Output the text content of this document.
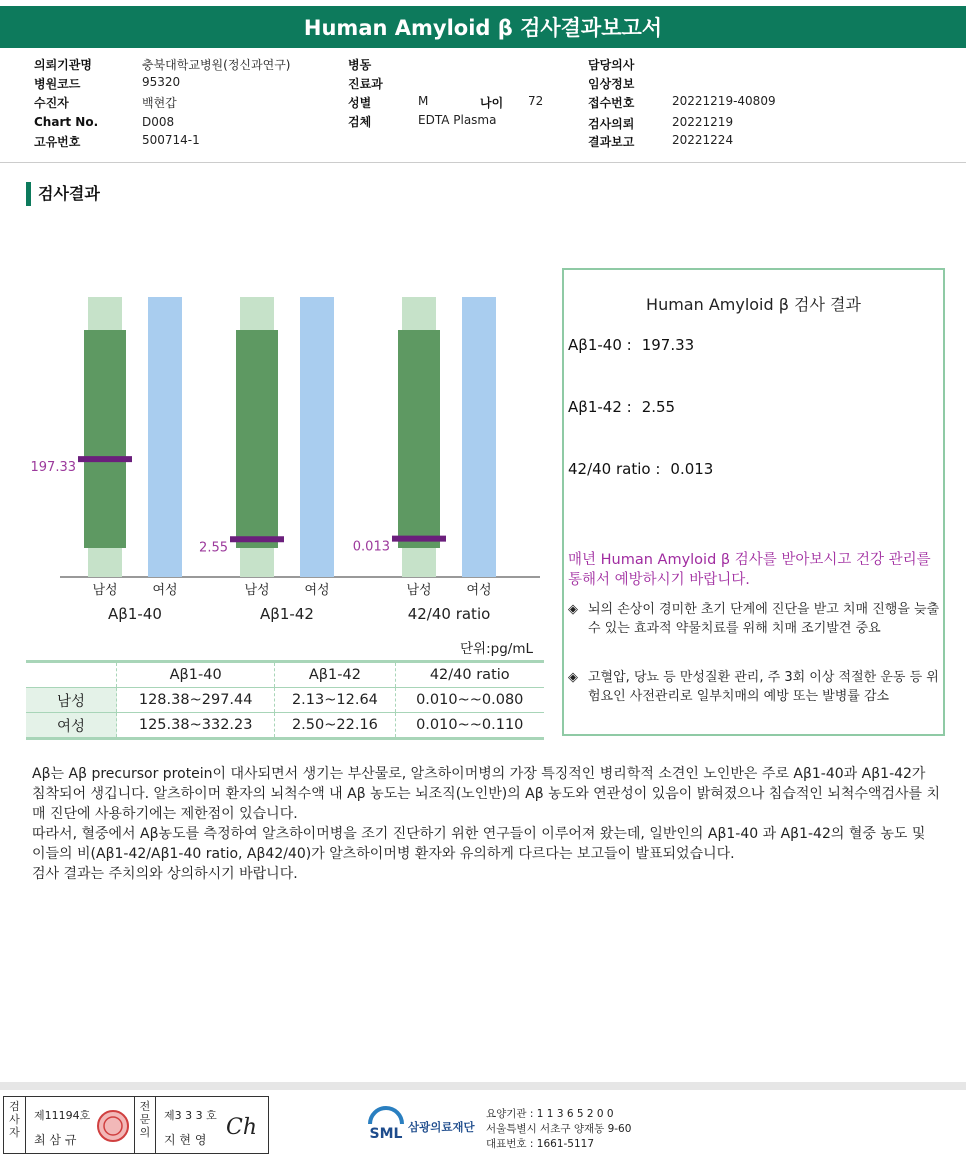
Human Amyloid β 검사결과보고서
의뢰기관명	충북대학교병원(정신과연구)
병원코드	95320
수진자	백현갑
Chart No.	D008
고유번호	500714-1
병동
진료과
성별	M	나이 72
검체	EDTA Plasma
담당의사
임상정보
접수번호	20221219-40809
검사의뢰	20221219
결과보고	20221224
검사결과
197.33
남성	여성
Aβ1-40
2.55
남성	여성
Aβ1-42
0.013
남성	여성
42/40 ratio
단위:pg/mL
	Aβ1-40	Aβ1-42	42/40 ratio
남성	128.38~297.44	2.13~12.64	0.010~~0.080
여성	125.38~332.23	2.50~22.16	0.010~~0.110
Human Amyloid β 검사 결과
Aβ1-40 : 197.33
Aβ1-42 : 2.55
42/40 ratio : 0.013
매년 Human Amyloid β 검사를 받아보시고 건강 관리를 통해서 예방하시기 바랍니다.
◈ 뇌의 손상이 경미한 초기 단계에 진단을 받고 치매 진행을 늦출 수 있는 효과적 약물치료를 위해 치매 조기발견 중요
◈ 고혈압, 당뇨 등 만성질환 관리, 주 3회 이상 적절한 운동 등 위험요인 사전관리로 일부치매의 예방 또는 발병률 감소

Aβ는 Aβ precursor protein이 대사되면서 생기는 부산물로, 알츠하이머병의 가장 특징적인 병리학적 소견인 노인반은 주로 Aβ1-40과 Aβ1-42가 침착되어 생깁니다. 알츠하이머 환자의 뇌척수액 내 Aβ 농도는 뇌조직(노인반)의 Aβ 농도와 연관성이 있음이 밝혀졌으나 침습적인 뇌척수액검사를 치매 진단에 사용하기에는 제한점이 있습니다.

따라서, 혈중에서 Aβ농도를 측정하여 알츠하이머병을 조기 진단하기 위한 연구들이 이루어져 왔는데, 일반인의 Aβ1-40 과 Aβ1-42의 혈중 농도 및 이들의 비(Aβ1-42/Aβ1-40 ratio, Aβ42/40)가 알츠하이머병 환자와 유의하게 다르다는 보고들이 발표되었습니다.

검사 결과는 주치의와 상의하시기 바랍니다.

검사자
제11194호
최 삼 규
전문의
제3 3 3 호
지 현 영 Ch	SML 삼광의료재단
요양기관 : 1 1 3 6 5 2 0 0
서울특별시 서초구 양재동 9-60
대표번호 : 1661-5117
